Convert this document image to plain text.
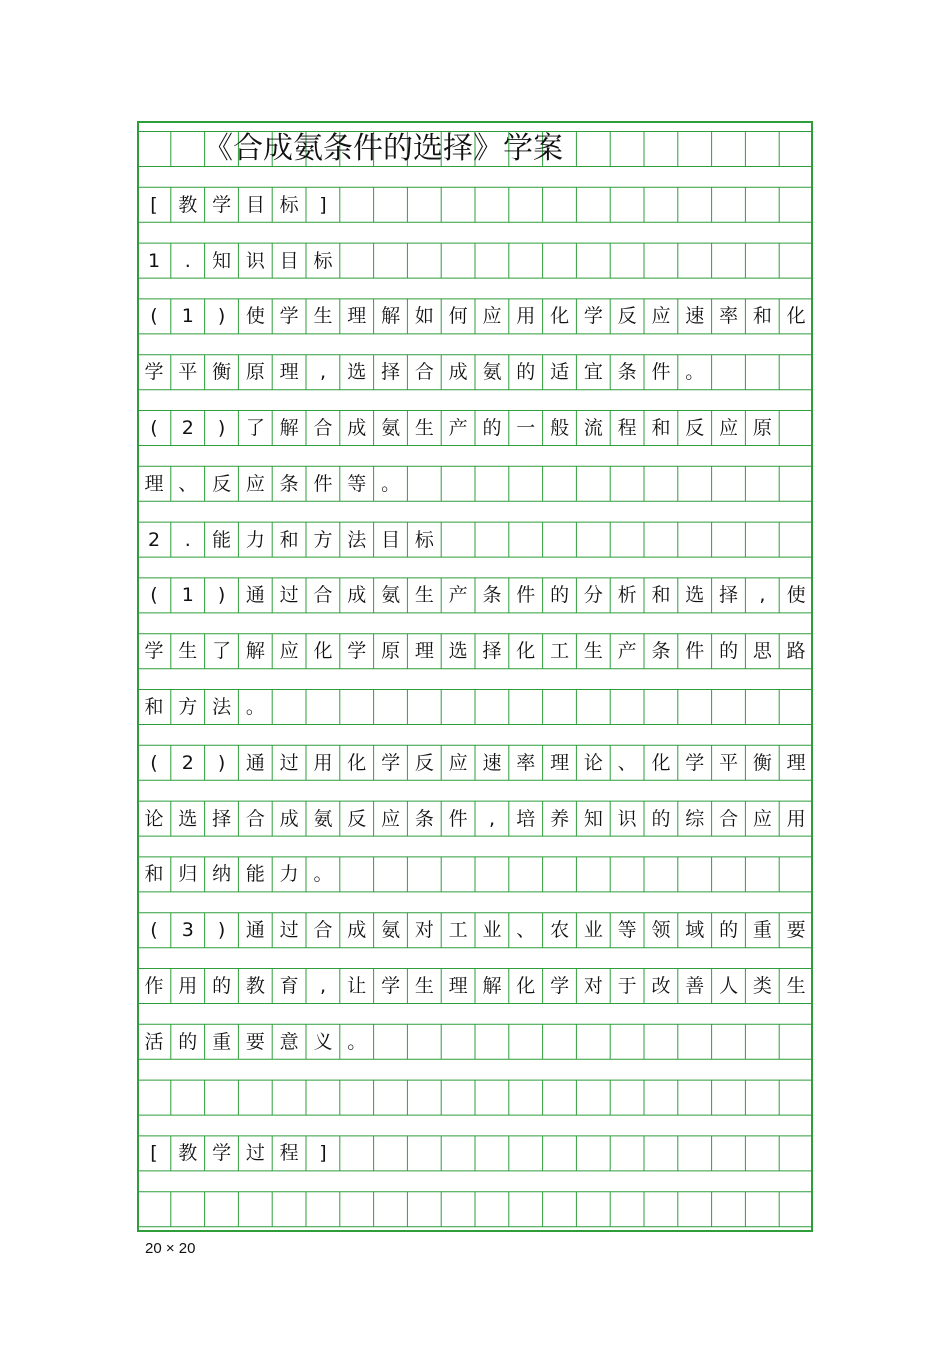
《合成氨条件的选择》学案
[	教 学 目 标	]
1	.	知 识 目 标
(	1	)	使 学 生 理 解 如 何 应 用 化 学 反 应 速 率 和 化
学 平 衡 原 理	,	选 择 合 成 氨 的 适 宜 条 件 。
(	2	)	了 解 合 成 氨 生 产 的 一 般 流 程 和 反 应 原
理 、 反 应 条 件 等 。
2	.	能 力 和 方 法 目 标
(	1	)	通 过 合 成 氨 生 产 条 件 的 分 析 和 选 择	,	使
学 生 了 解 应 化 学 原 理 选 择 化 工 生 产 条 件 的 思 路
和 方 法 。
(	2	)	通 过 用 化 学 反 应 速 率 理 论 、 化 学 平 衡 理
论 选 择 合 成 氨 反 应 条 件	,	培 养 知 识 的 综 合 应 用
和 归 纳 能 力 。
(	3	)	通 过 合 成 氨 对 工 业 、 农 业 等 领 域 的 重 要
作 用 的 教 育	,	让 学 生 理 解 化 学 对 于 改 善 人 类 生
活 的 重 要 意 义 。
[	教 学 过 程	]
20 × 20
